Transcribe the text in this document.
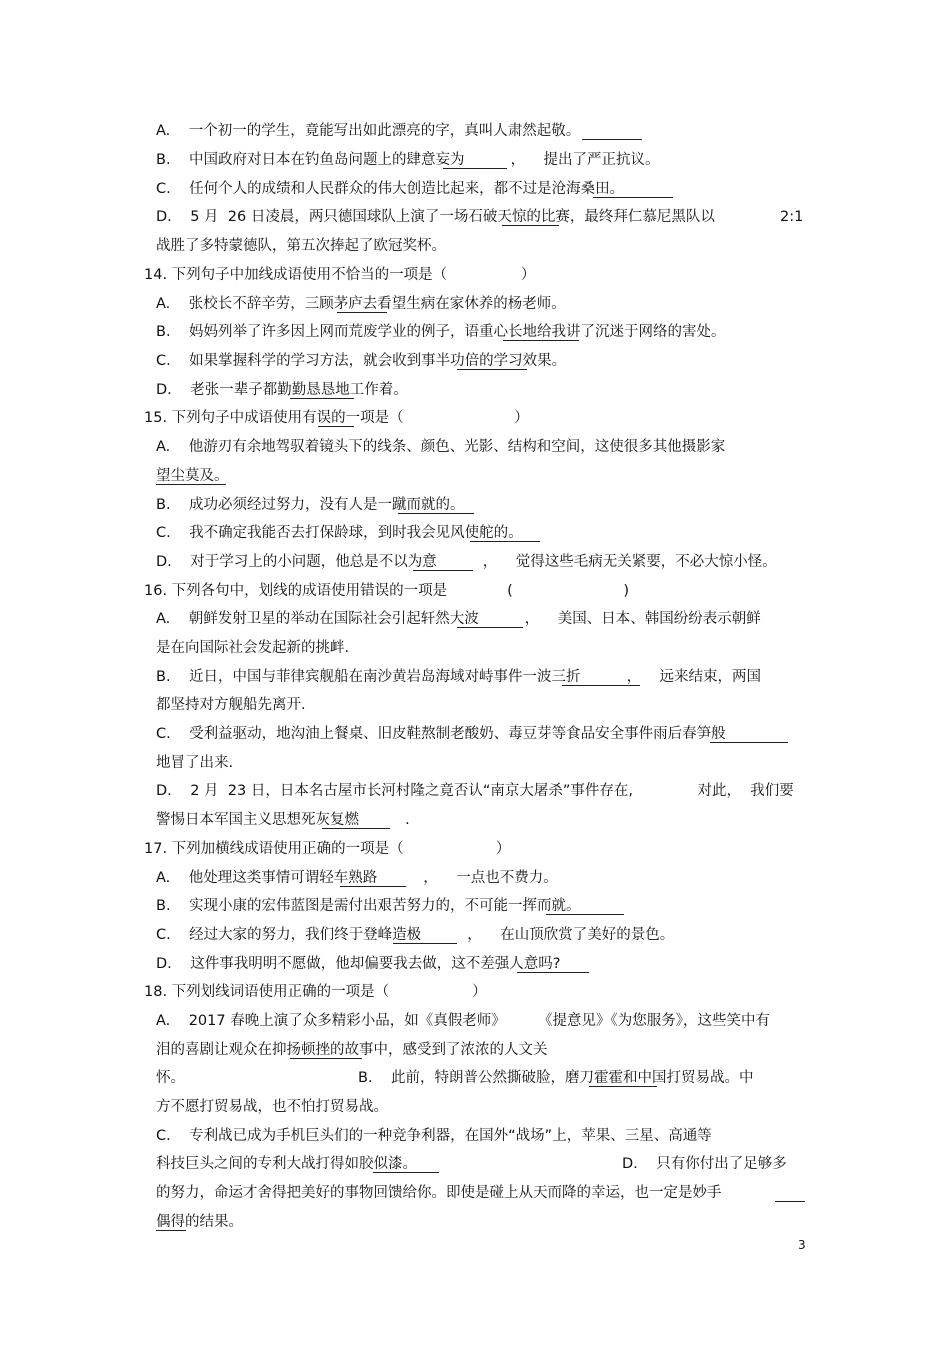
A.    一个初一的学生，竟能写出如此漂亮的字，真叫人肃然起敬。

B.    中国政府对日本在钓鱼岛问题上的肆意妄为          ，    提出了严正抗议。

C.    任何个人的成绩和人民群众的伟大创造比起来，都不过是沧海桑田。

D.    5 月  26 日凌晨，两只德国球队上演了一场石破天惊的比赛，最终拜仁慕尼黑队以	2:1

战胜了多特蒙德队，第五次捧起了欧冠奖杯。

14. 下列句子中加线成语使用不恰当的一项是（                ）

A.    张校长不辞辛劳，三顾茅庐去看望生病在家休养的杨老师。

B.    妈妈列举了许多因上网而荒废学业的例子，语重心长地给我讲了沉迷于网络的害处。

C.    如果掌握科学的学习方法，就会收到事半功倍的学习效果。

D.    老张一辈子都勤勤恳恳地工作着。

15. 下列句子中成语使用有误的一项是（                        ）

A.    他游刃有余地驾驭着镜头下的线条、颜色、光影、结构和空间，这使很多其他摄影家

望尘莫及。

B.    成功必须经过努力，没有人是一蹴而就的。

C.    我不确定我能否去打保龄球，到时我会见风使舵的。

D.    对于学习上的小问题，他总是不以为意          ，    觉得这些毛病无关紧要，不必大惊小怪。

16. 下列各句中，划线的成语使用错误的一项是             (                        )

A.    朝鲜发射卫星的举动在国际社会引起轩然大波          ，    美国、日本、韩国纷纷表示朝鲜

是在向国际社会发起新的挑衅.

B.    近日，中国与菲律宾舰船在南沙黄岩岛海域对峙事件一波三折          ，    远来结束，两国

都坚持对方舰船先离开.

C.    受利益驱动，地沟油上餐桌、旧皮鞋熬制老酸奶、毒豆芽等食品安全事件雨后春笋般

地冒了出来.

D.    2 月  23 日，日本名古屋市长河村隆之竟否认“南京大屠杀”事件存在,              对此，  我们要

警惕日本军国主义思想死灰复燃          .

17. 下列加横线成语使用正确的一项是（                    ）

A.    他处理这类事情可谓轻车熟路          ，    一点也不费力。

B.    实现小康的宏伟蓝图是需付出艰苦努力的，不可能一挥而就。

C.    经过大家的努力，我们终于登峰造极          ，    在山顶欣赏了美好的景色。

D.    这件事我明明不愿做，他却偏要我去做，这不差强人意吗?

18. 下列划线词语使用正确的一项是（                  ）

A.    2017 春晚上演了众多精彩小品，如《真假老师》       《提意见》《为您服务》，这些笑中有

泪的喜剧让观众在抑扬顿挫的故事中，感受到了浓浓的人文关

怀。	B.    此前，特朗普公然撕破脸，磨刀霍霍和中国打贸易战。中

方不愿打贸易战，也不怕打贸易战。

C.    专利战已成为手机巨头们的一种竞争利器，在国外“战场”上，苹果、三星、高通等

科技巨头之间的专利大战打得如胶似漆。	D.    只有你付出了足够多

的努力，命运才舍得把美好的事物回馈给你。即使是碰上从天而降的幸运，也一定是妙手

偶得的结果。

3
